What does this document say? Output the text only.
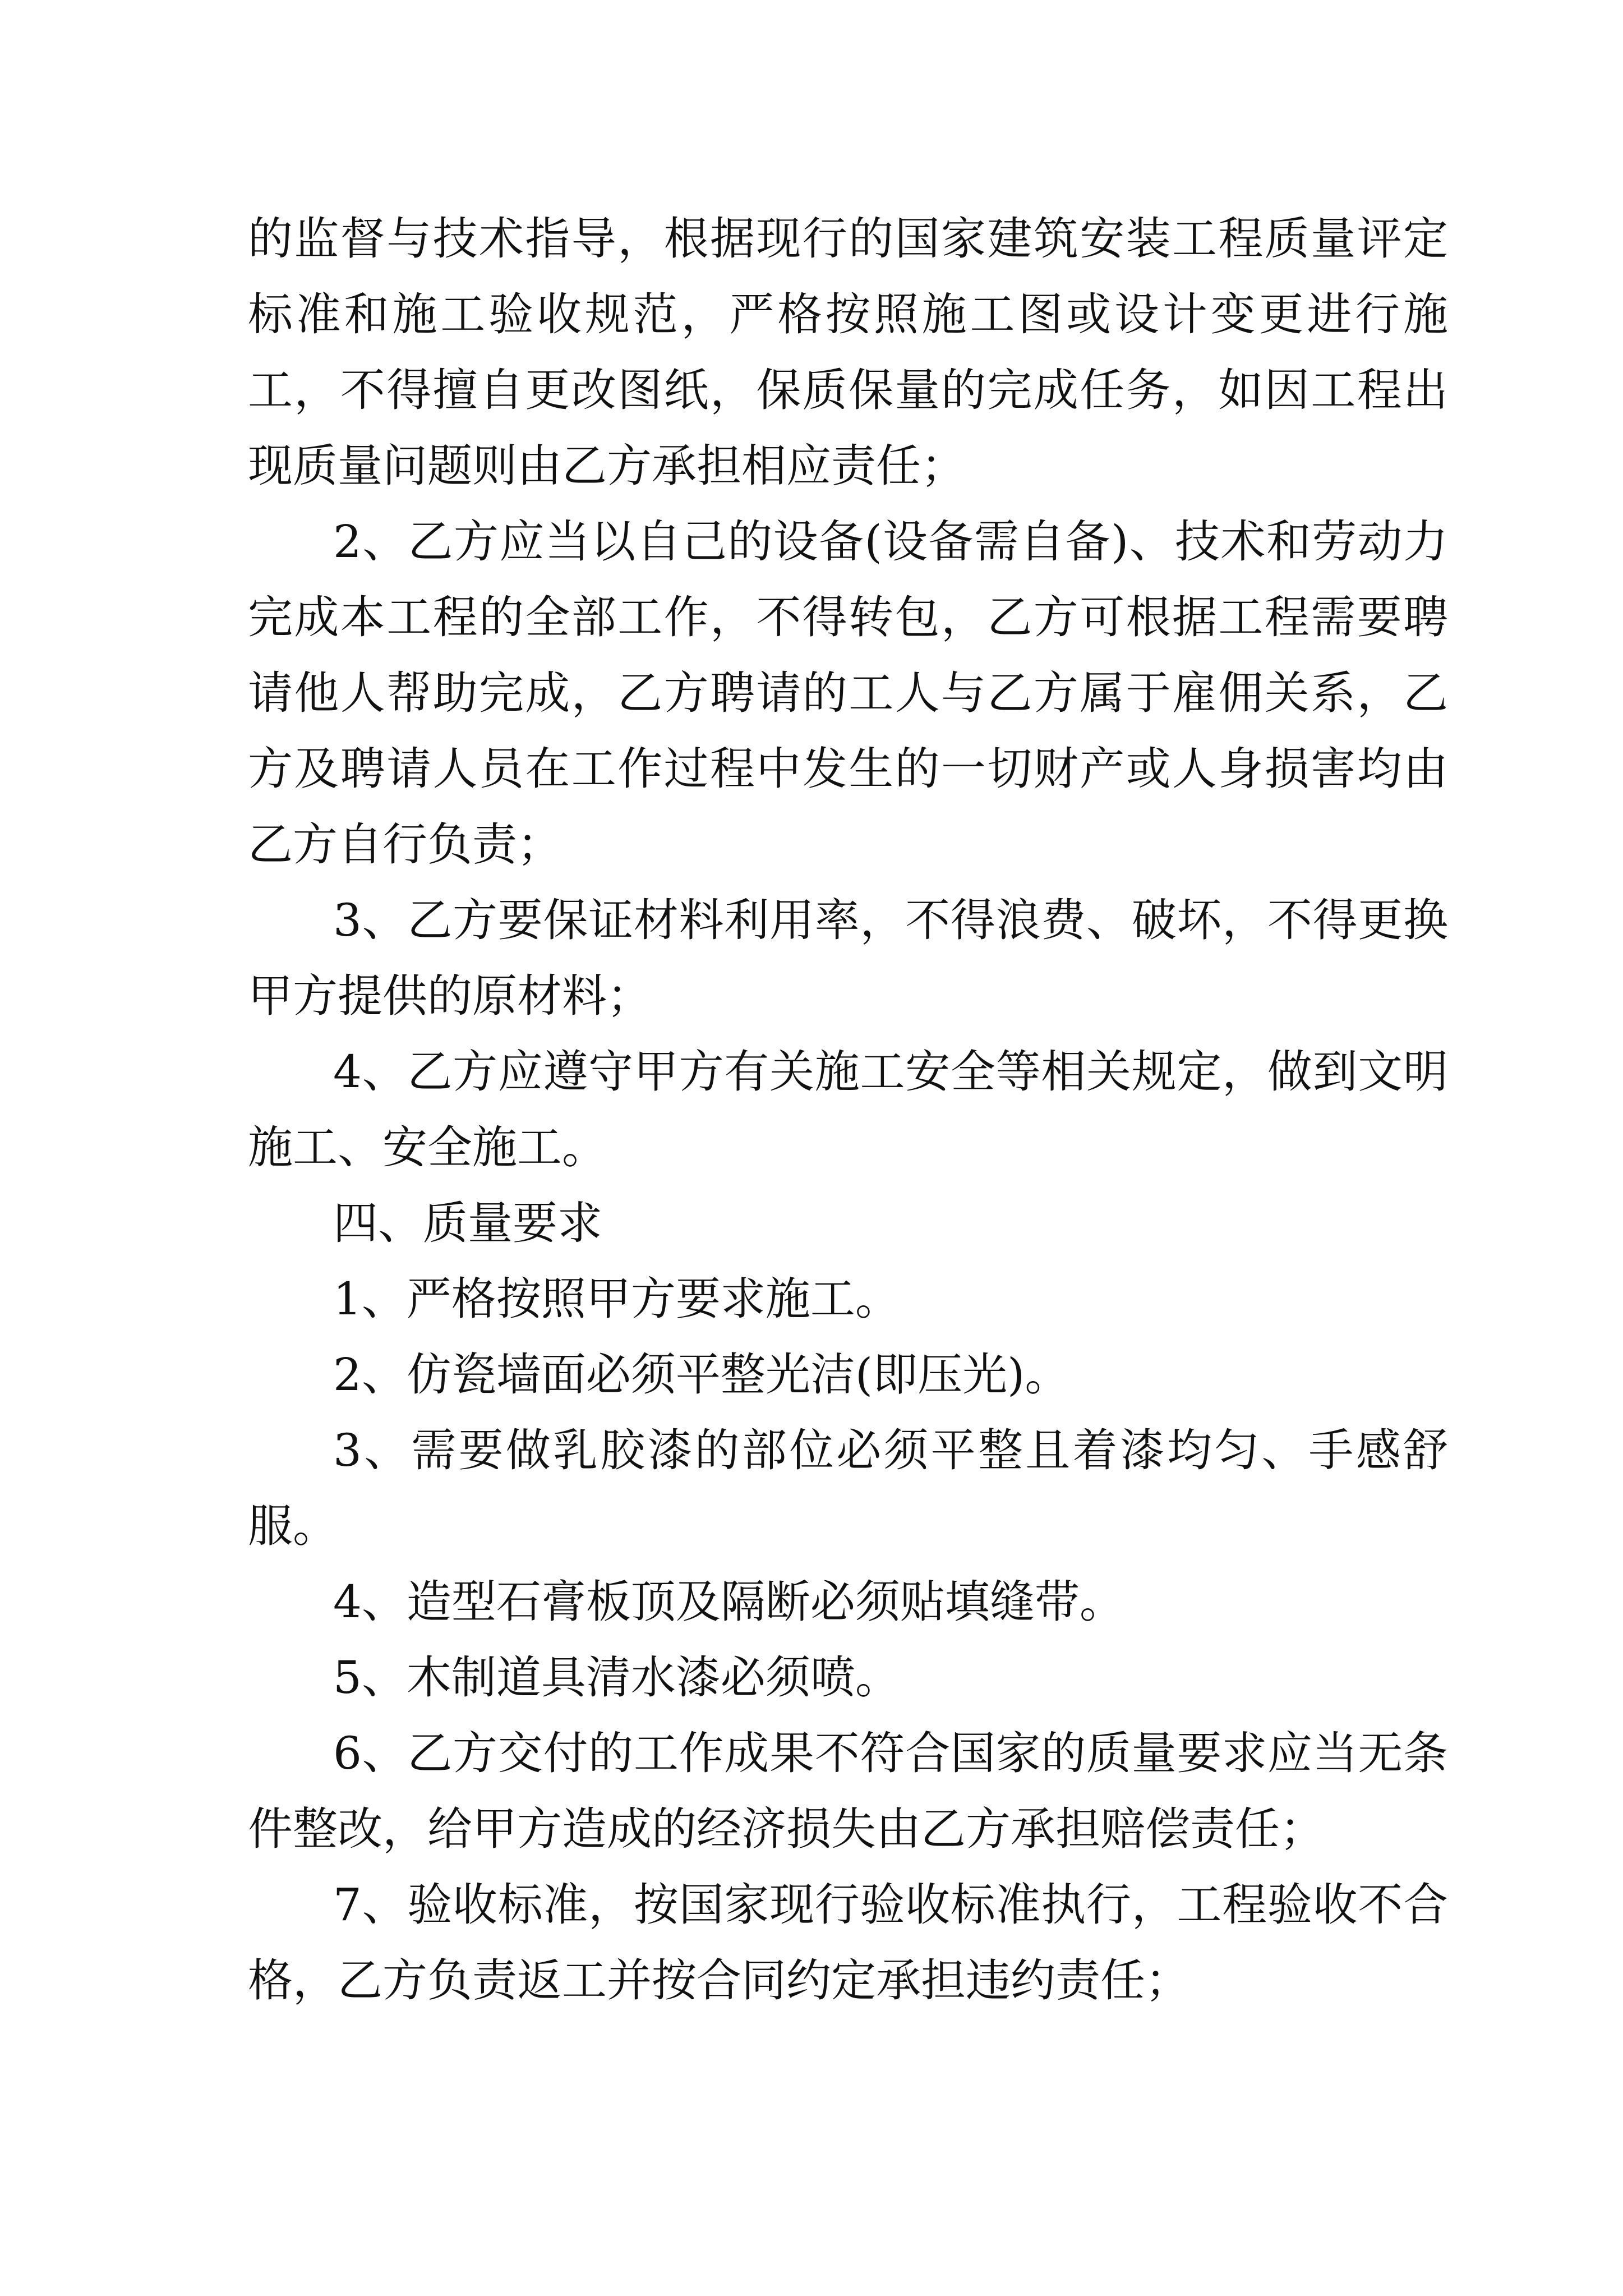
的监督与技术指导，根据现行的国家建筑安装工程质量评定标准和施工验收规范，严格按照施工图或设计变更进行施工，不得擅自更改图纸，保质保量的完成任务，如因工程出现质量问题则由乙方承担相应责任；

2、乙方应当以自己的设备(设备需自备)、技术和劳动力完成本工程的全部工作，不得转包，乙方可根据工程需要聘请他人帮助完成，乙方聘请的工人与乙方属于雇佣关系，乙方及聘请人员在工作过程中发生的一切财产或人身损害均由乙方自行负责；

3、乙方要保证材料利用率，不得浪费、破坏，不得更换甲方提供的原材料；

4、乙方应遵守甲方有关施工安全等相关规定，做到文明施工、安全施工。

四、质量要求

1、严格按照甲方要求施工。

2、仿瓷墙面必须平整光洁(即压光)。

3、需要做乳胶漆的部位必须平整且着漆均匀、手感舒服。

4、造型石膏板顶及隔断必须贴填缝带。

5、木制道具清水漆必须喷。

6、乙方交付的工作成果不符合国家的质量要求应当无条件整改，给甲方造成的经济损失由乙方承担赔偿责任；

7、验收标准，按国家现行验收标准执行，工程验收不合格，乙方负责返工并按合同约定承担违约责任；
